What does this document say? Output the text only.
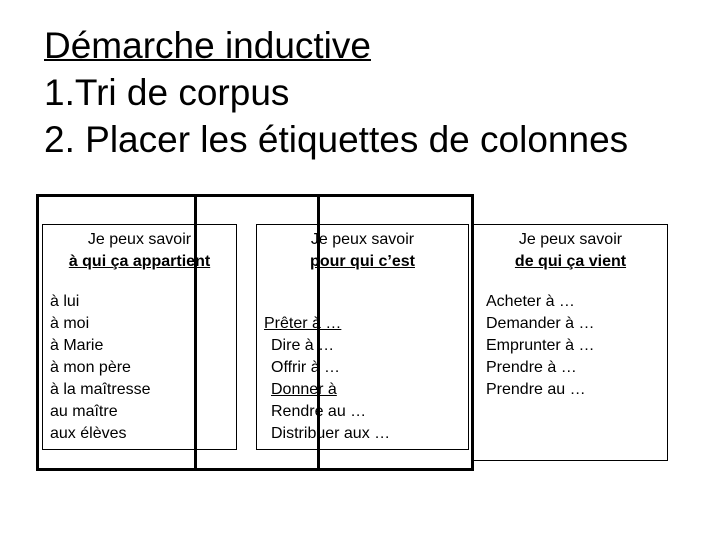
Démarche inductive
1.Tri de corpus
2. Placer les étiquettes de colonnes
Je peux savoir
à qui ça appartient
Je peux savoir
pour qui c’est
Je peux savoir
de qui ça vient
à lui
à moi
à Marie
à mon père
à la maîtresse
au maître
aux élèves
Prêter à …
Dire à …
Offrir à …
Donner à
Rendre au …
Distribuer aux …
Acheter à …
Demander à …
Emprunter à …
Prendre à …
Prendre au …
